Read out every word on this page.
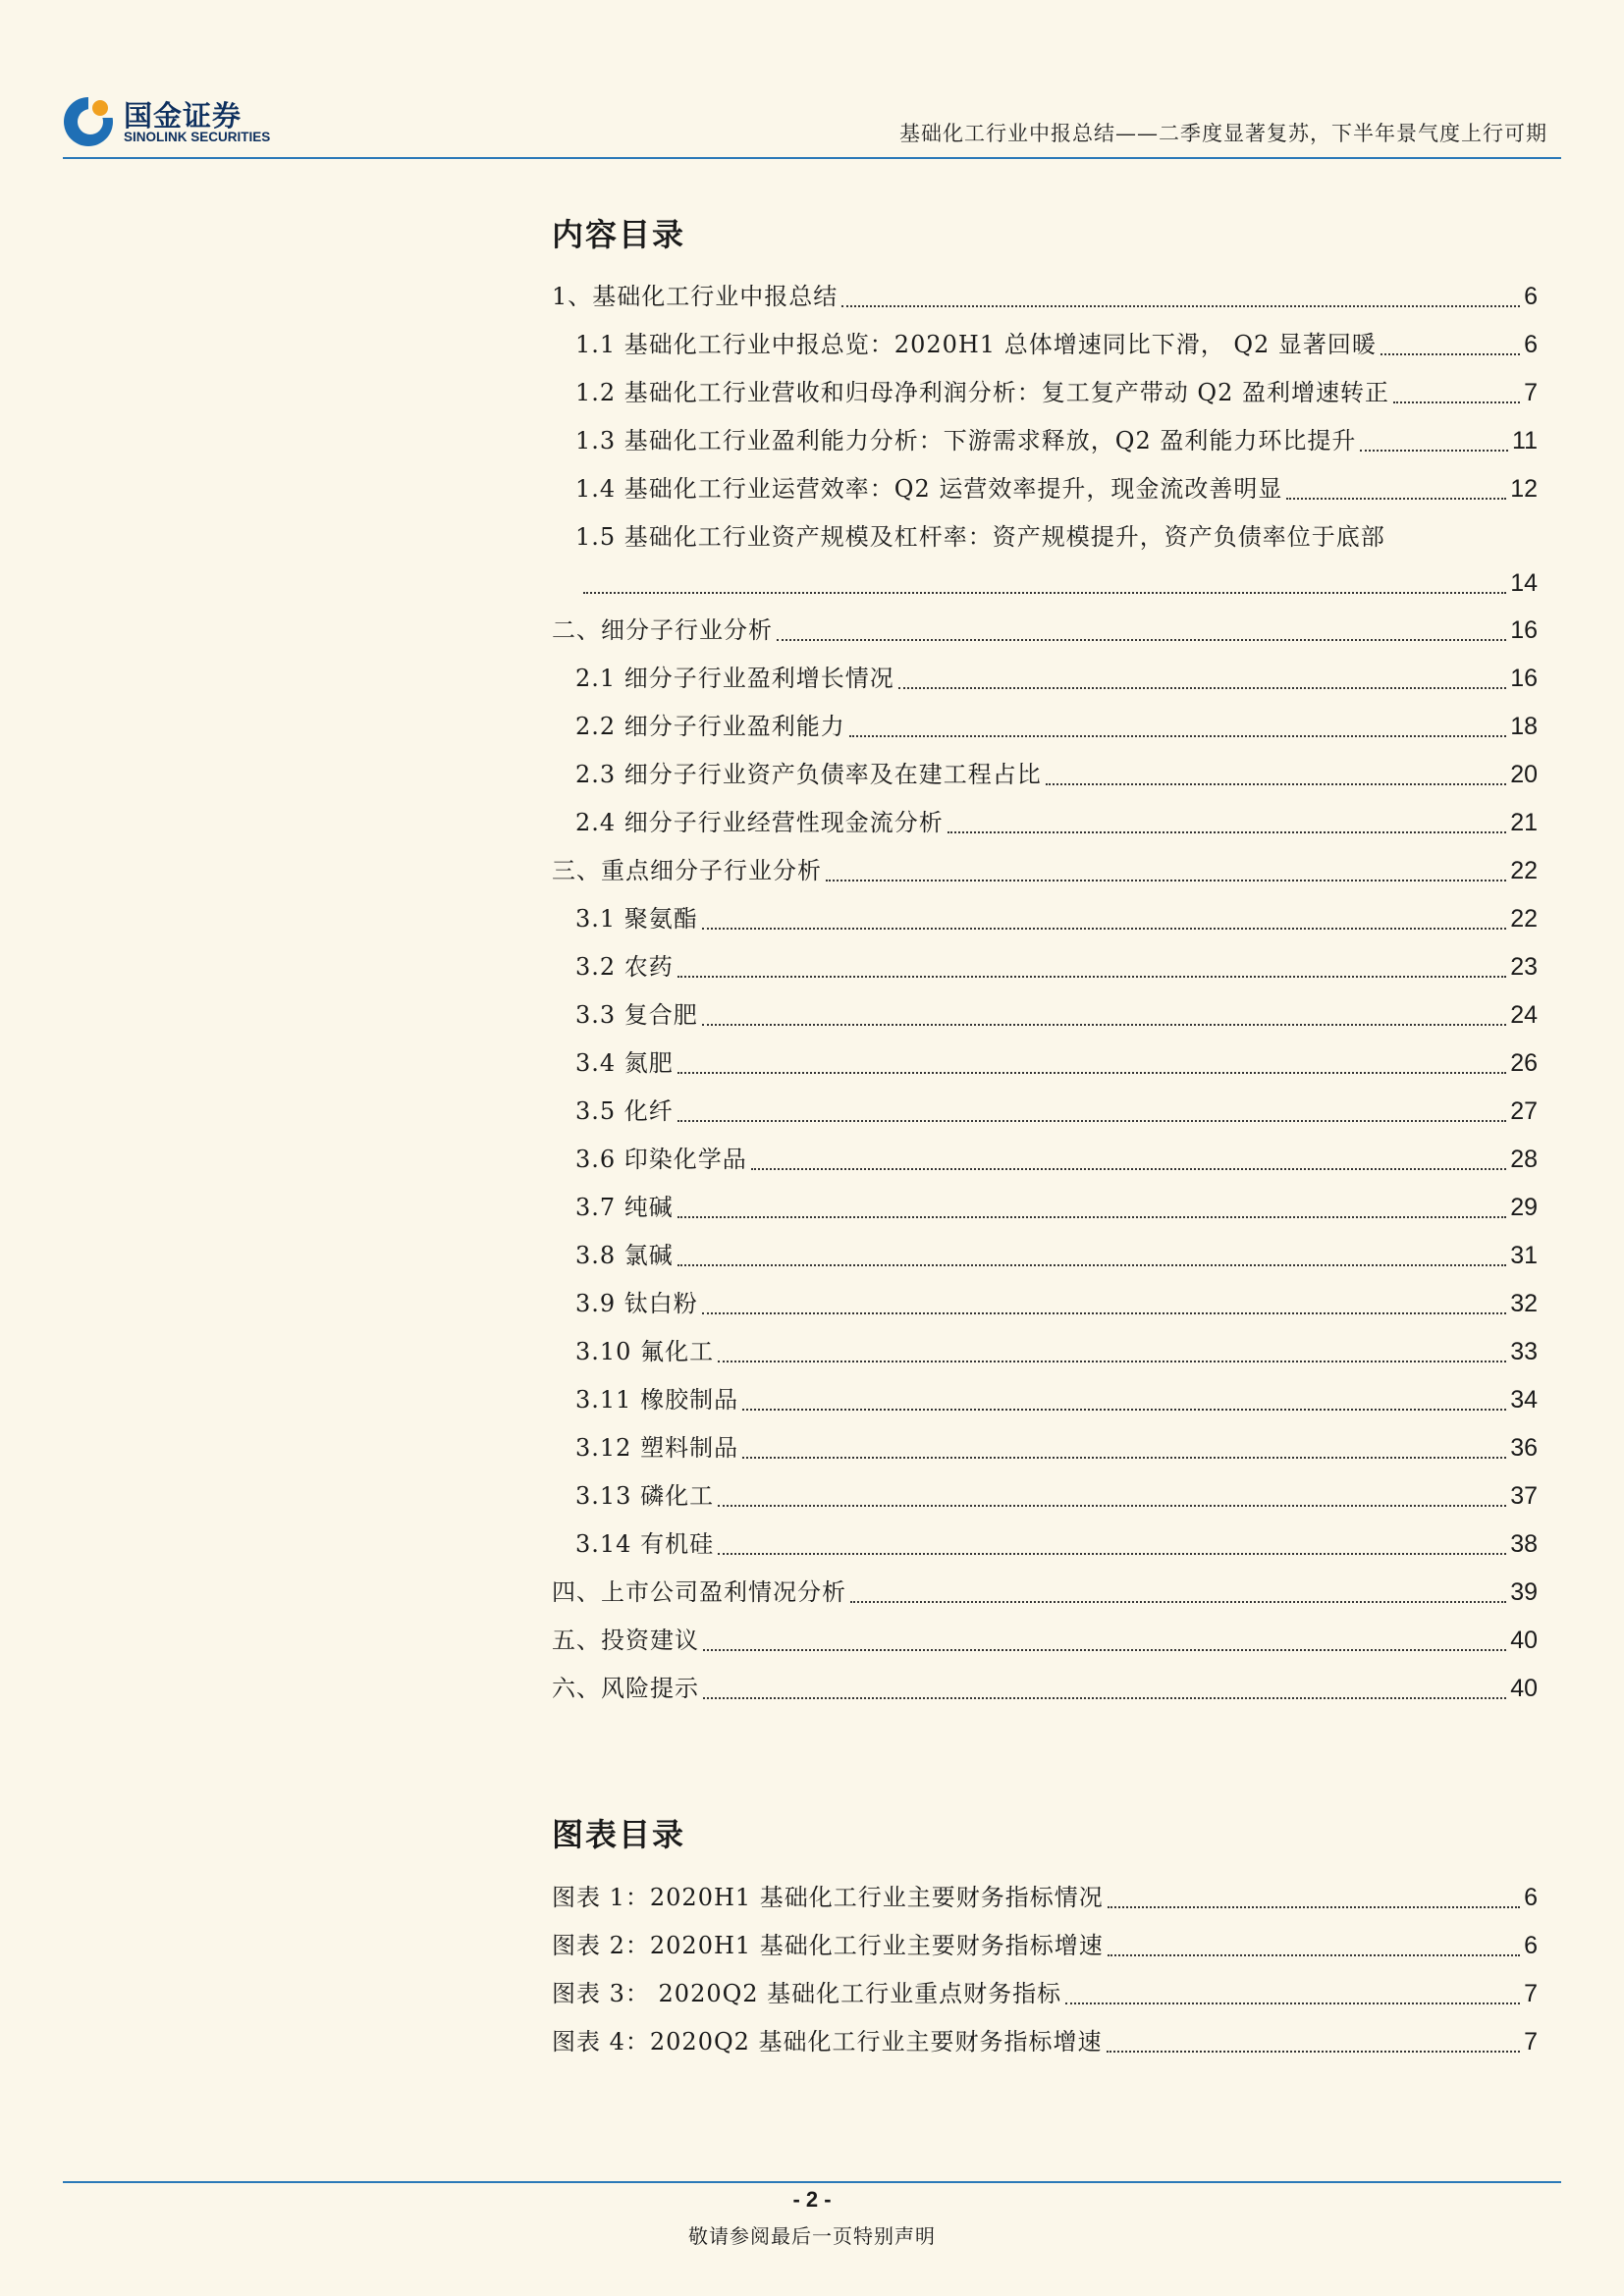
国金证券
SINOLINK SECURITIES	基础化工行业中报总结——二季度显著复苏，下半年景气度上行可期
内容目录
1、基础化工行业中报总结	6
1.1 基础化工行业中报总览：2020H1 总体增速同比下滑， Q2 显著回暖	6
1.2 基础化工行业营收和归母净利润分析：复工复产带动 Q2 盈利增速转正	7
1.3 基础化工行业盈利能力分析：下游需求释放，Q2 盈利能力环比提升	11
1.4 基础化工行业运营效率：Q2 运营效率提升，现金流改善明显	12
1.5 基础化工行业资产规模及杠杆率：资产规模提升，资产负债率位于底部
14
二、细分子行业分析	16
2.1 细分子行业盈利增长情况	16
2.2 细分子行业盈利能力	18
2.3 细分子行业资产负债率及在建工程占比	20
2.4 细分子行业经营性现金流分析	21
三、重点细分子行业分析	22
3.1 聚氨酯	22
3.2 农药	23
3.3 复合肥	24
3.4 氮肥	26
3.5 化纤	27
3.6 印染化学品	28
3.7 纯碱	29
3.8 氯碱	31
3.9 钛白粉	32
3.10 氟化工	33
3.11 橡胶制品	34
3.12 塑料制品	36
3.13 磷化工	37
3.14 有机硅	38
四、上市公司盈利情况分析	39
五、投资建议	40
六、风险提示	40
图表目录
图表 1：2020H1 基础化工行业主要财务指标情况	6
图表 2：2020H1 基础化工行业主要财务指标增速	6
图表 3： 2020Q2 基础化工行业重点财务指标	7
图表 4：2020Q2 基础化工行业主要财务指标增速	7
- 2 -
敬请参阅最后一页特别声明
